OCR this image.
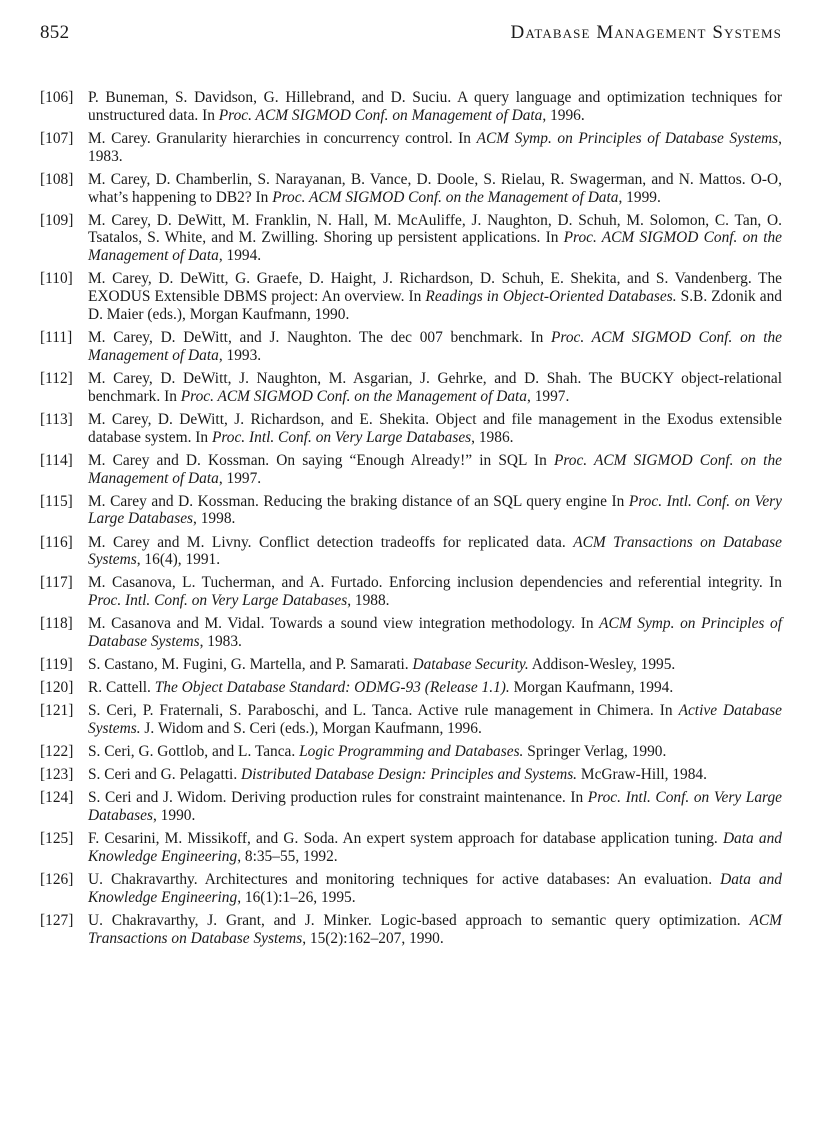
852	Database Management Systems
[106] P. Buneman, S. Davidson, G. Hillebrand, and D. Suciu. A query language and optimization techniques for unstructured data. In Proc. ACM SIGMOD Conf. on Management of Data, 1996.
[107] M. Carey. Granularity hierarchies in concurrency control. In ACM Symp. on Principles of Database Systems, 1983.
[108] M. Carey, D. Chamberlin, S. Narayanan, B. Vance, D. Doole, S. Rielau, R. Swagerman, and N. Mattos. O-O, what’s happening to DB2? In Proc. ACM SIGMOD Conf. on the Management of Data, 1999.
[109] M. Carey, D. DeWitt, M. Franklin, N. Hall, M. McAuliffe, J. Naughton, D. Schuh, M. Solomon, C. Tan, O. Tsatalos, S. White, and M. Zwilling. Shoring up persistent applications. In Proc. ACM SIGMOD Conf. on the Management of Data, 1994.
[110] M. Carey, D. DeWitt, G. Graefe, D. Haight, J. Richardson, D. Schuh, E. Shekita, and S. Vandenberg. The EXODUS Extensible DBMS project: An overview. In Readings in Object-Oriented Databases. S.B. Zdonik and D. Maier (eds.), Morgan Kaufmann, 1990.
[111] M. Carey, D. DeWitt, and J. Naughton. The dec 007 benchmark. In Proc. ACM SIGMOD Conf. on the Management of Data, 1993.
[112] M. Carey, D. DeWitt, J. Naughton, M. Asgarian, J. Gehrke, and D. Shah. The BUCKY object-relational benchmark. In Proc. ACM SIGMOD Conf. on the Management of Data, 1997.
[113] M. Carey, D. DeWitt, J. Richardson, and E. Shekita. Object and file management in the Exodus extensible database system. In Proc. Intl. Conf. on Very Large Databases, 1986.
[114] M. Carey and D. Kossman. On saying “Enough Already!” in SQL In Proc. ACM SIGMOD Conf. on the Management of Data, 1997.
[115] M. Carey and D. Kossman. Reducing the braking distance of an SQL query engine In Proc. Intl. Conf. on Very Large Databases, 1998.
[116] M. Carey and M. Livny. Conflict detection tradeoffs for replicated data. ACM Transactions on Database Systems, 16(4), 1991.
[117] M. Casanova, L. Tucherman, and A. Furtado. Enforcing inclusion dependencies and referential integrity. In Proc. Intl. Conf. on Very Large Databases, 1988.
[118] M. Casanova and M. Vidal. Towards a sound view integration methodology. In ACM Symp. on Principles of Database Systems, 1983.
[119] S. Castano, M. Fugini, G. Martella, and P. Samarati. Database Security. Addison-Wesley, 1995.
[120] R. Cattell. The Object Database Standard: ODMG-93 (Release 1.1). Morgan Kaufmann, 1994.
[121] S. Ceri, P. Fraternali, S. Paraboschi, and L. Tanca. Active rule management in Chimera. In Active Database Systems. J. Widom and S. Ceri (eds.), Morgan Kaufmann, 1996.
[122] S. Ceri, G. Gottlob, and L. Tanca. Logic Programming and Databases. Springer Verlag, 1990.
[123] S. Ceri and G. Pelagatti. Distributed Database Design: Principles and Systems. McGraw-Hill, 1984.
[124] S. Ceri and J. Widom. Deriving production rules for constraint maintenance. In Proc. Intl. Conf. on Very Large Databases, 1990.
[125] F. Cesarini, M. Missikoff, and G. Soda. An expert system approach for database application tuning. Data and Knowledge Engineering, 8:35–55, 1992.
[126] U. Chakravarthy. Architectures and monitoring techniques for active databases: An evaluation. Data and Knowledge Engineering, 16(1):1–26, 1995.
[127] U. Chakravarthy, J. Grant, and J. Minker. Logic-based approach to semantic query optimization. ACM Transactions on Database Systems, 15(2):162–207, 1990.
